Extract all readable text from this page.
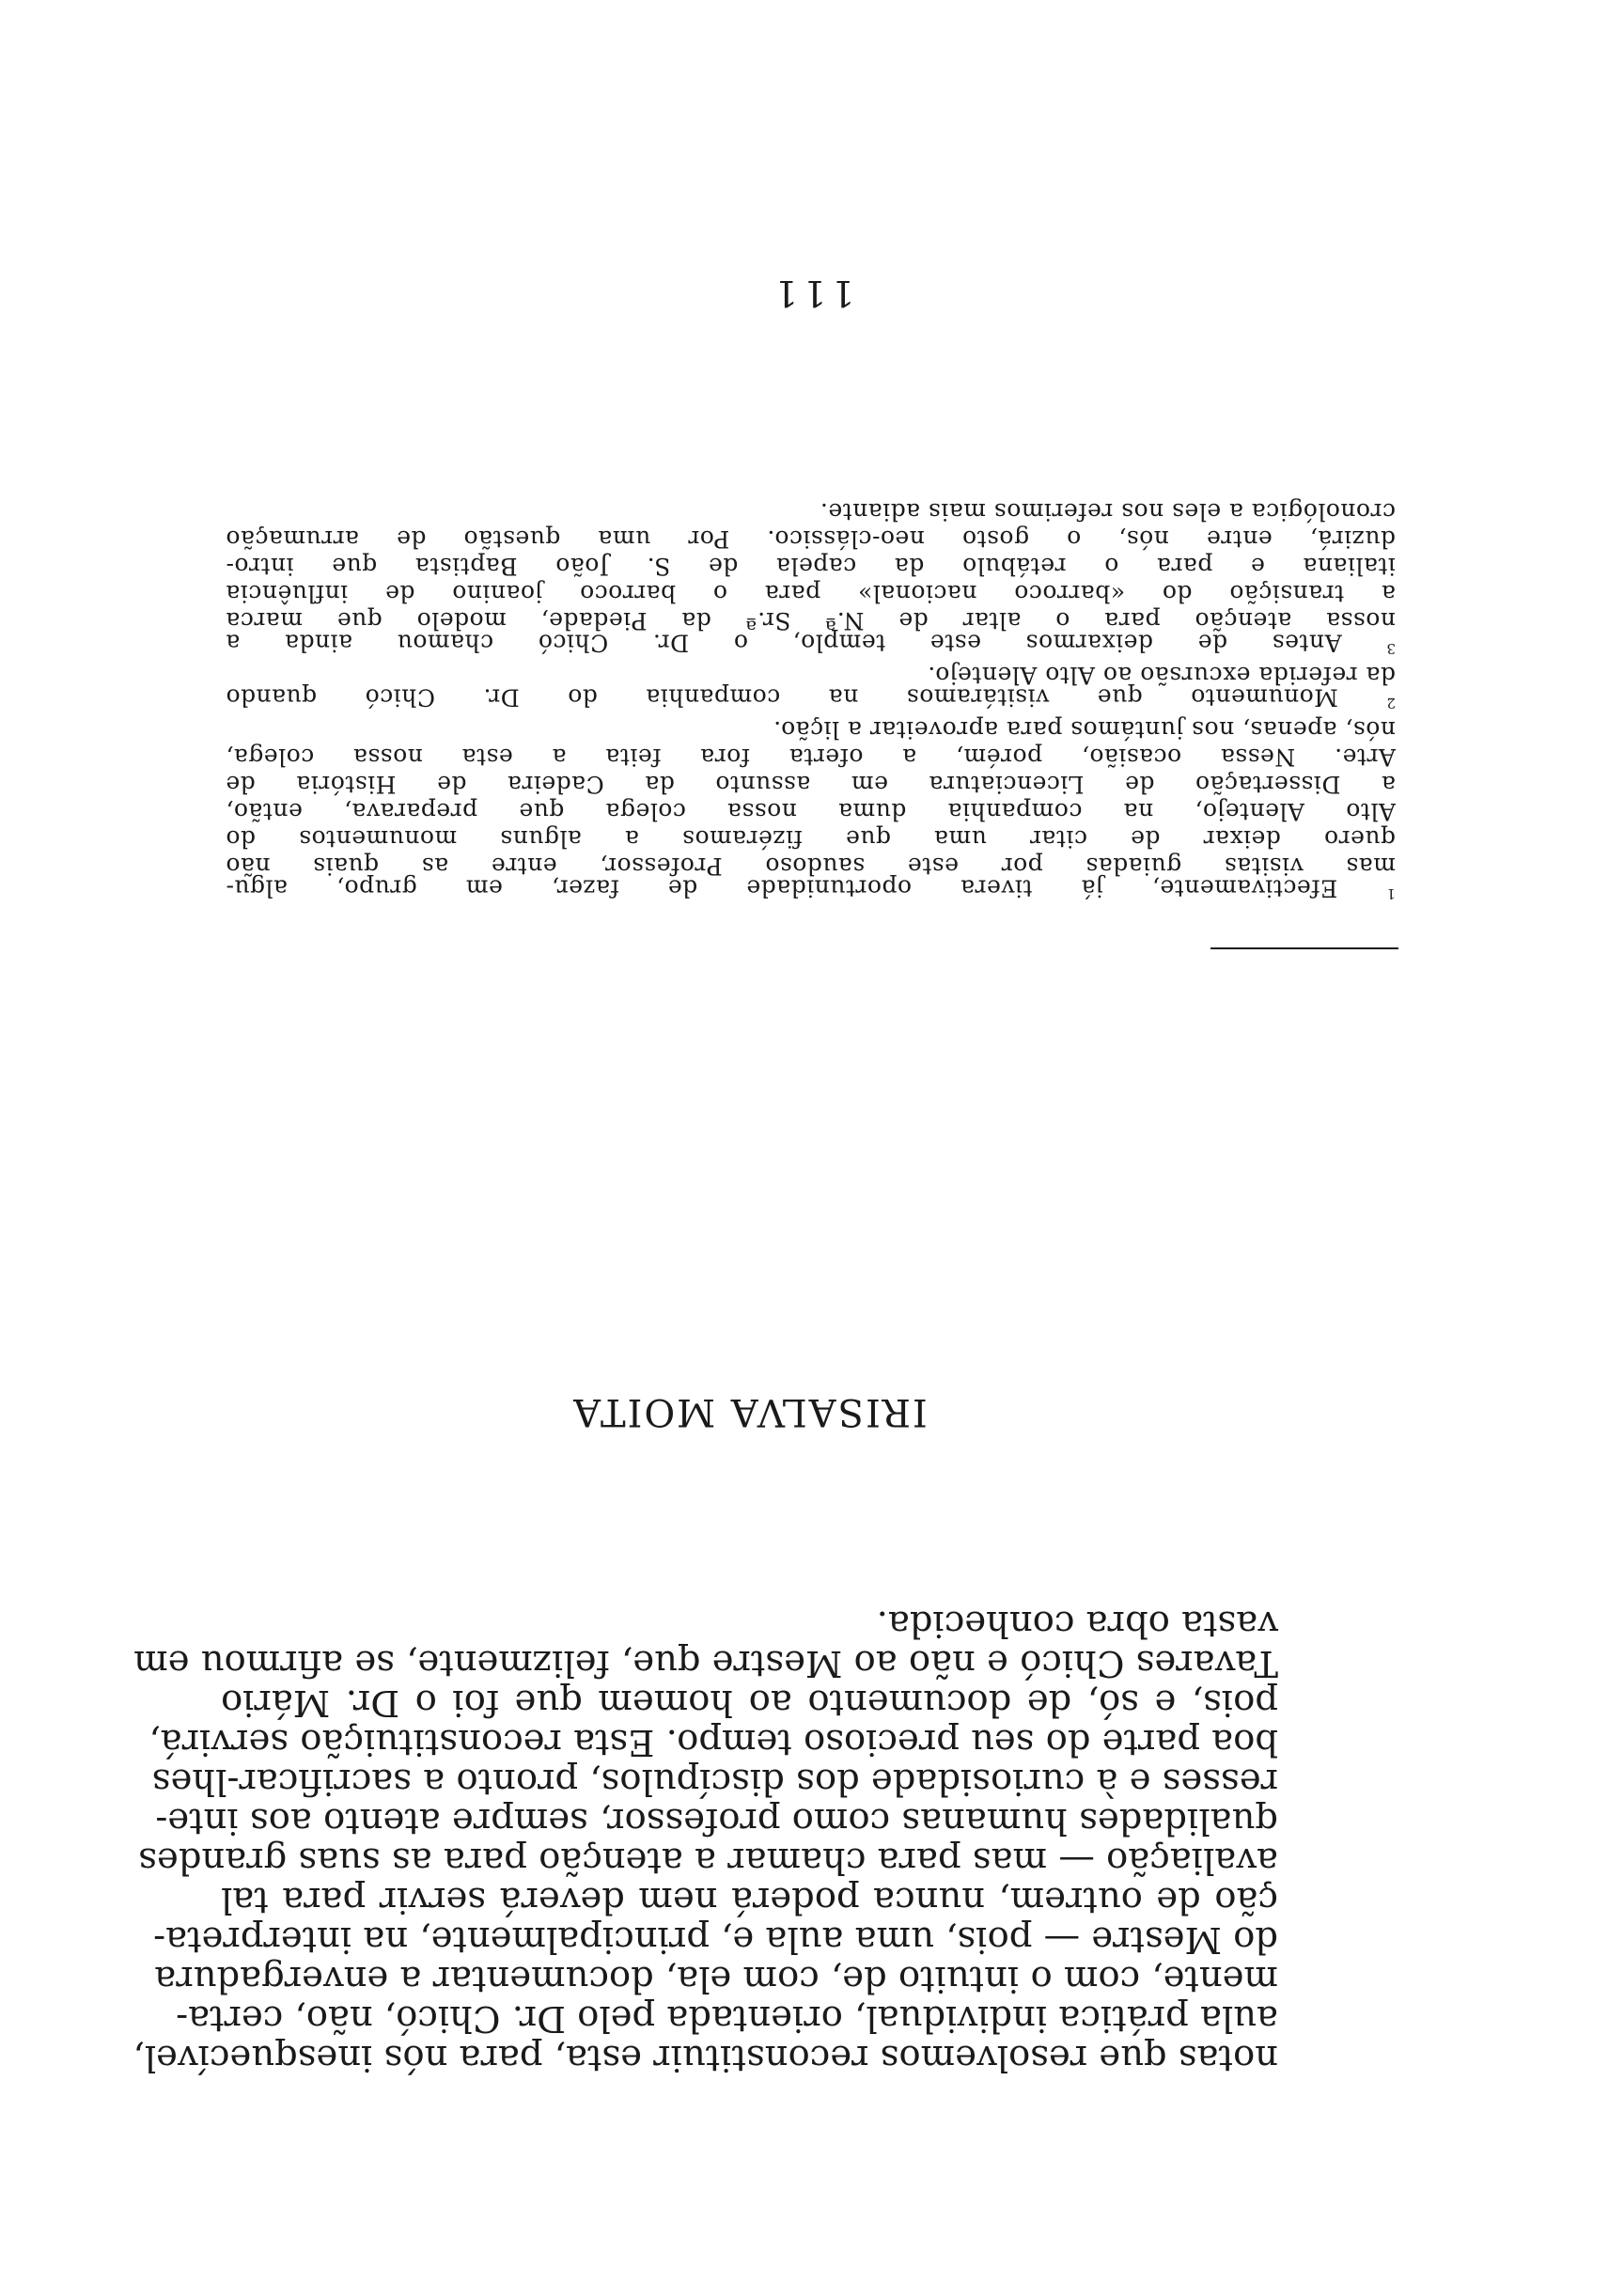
notas que resolvemos reconstituir esta, para nós inesquecível,
aula prática individual, orientada pelo Dr. Chicó, não, certa-
mente, com o intuito de, com ela, documentar a envergadura
do Mestre — pois, uma aula e, principalmente, na interpreta-
ção de outrem, nunca poderá nem deverá servir para tal
avaliação — mas para chamar a atenção para as suas grandes
qualidades humanas como professor, sempre atento aos inte-
resses e à curiosidade dos discípulos, pronto a sacrificar-lhes
boa parte do seu precioso tempo. Esta reconstituição servirá,
pois, e só, de documento ao homem que foi o Dr. Mário
Tavares Chicó e não ao Mestre que, felizmente, se afirmou em
vasta obra conhecida.
IRISALVA MOITA
$^1$ Efectivamente, já tivera oportunidade de fazer, em grupo, algu-
mas visitas guiadas por este saudoso Professor, entre as quais não
quero deixar de citar uma que fizéramos a alguns monumentos do
Alto Alentejo, na companhia duma nossa colega que preparava, então,
a Dissertação de Licenciatura em assunto da Cadeira de História de
Arte. Nessa ocasião, porém, a oferta fora feita a esta nossa colega,
nós, apenas, nos juntámos para aproveitar a lição.
$^2$ Monumento que visitáramos na companhia do Dr. Chicó quando
da referida excursão ao Alto Alentejo.
$^3$ Antes de deixarmos este templo, o Dr. Chicó chamou ainda a
nossa atenção para o altar de N.ª Sr.ª da Piedade, modelo que marca
a transição do «barroco nacional» para o barroco joanino de influência
italiana e para o retábulo da capela de S. João Baptista que intro-
duzirá, entre nós, o gosto neo-clássico. Por uma questão de arrumação
cronológica a eles nos referimos mais adiante.
111
